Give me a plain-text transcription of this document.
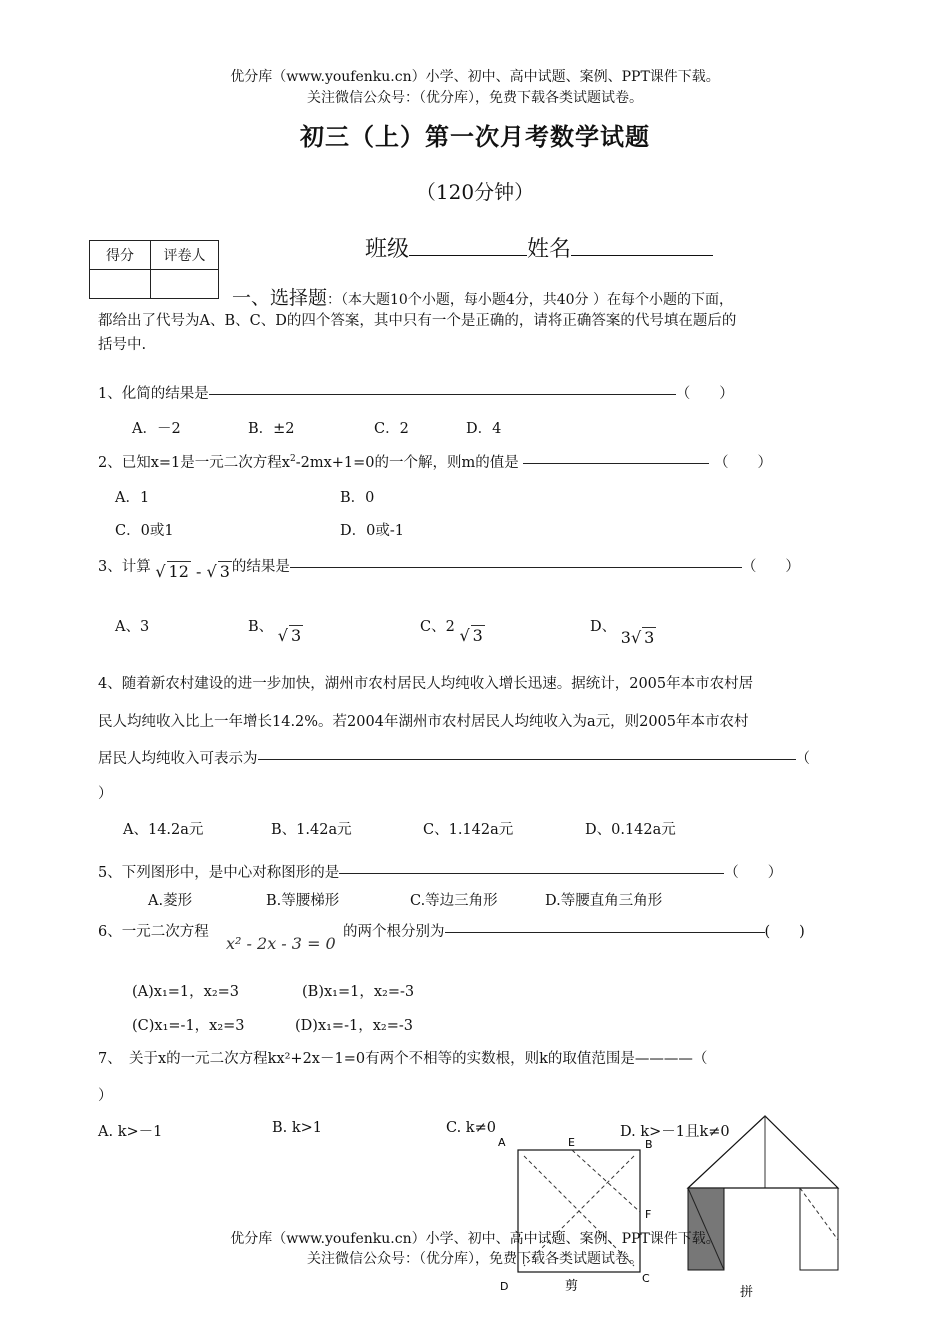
优分库（www.youfenku.cn）小学、初中、高中试题、案例、PPT课件下载。
关注微信公众号：（优分库），免费下载各类试题试卷。
初三（上）第一次月考数学试题
（120分钟）
得分	评卷人
		班级	姓名
一、选择题：（本大题10个小题，每小题4分，共40分 ）在每个小题的下面，
都给出了代号为A、B、C、D的四个答案，其中只有一个是正确的，请将正确答案的代号填在题后的
括号中.
1、化简的结果是	（　　）
A．－2	B．±2	C．2	D．4
2、已知x=1是一元二次方程$x^2-2mx+1=0$的一个解，则m的值是	（　　）
A．1	B．0
C．0或1	D．0或-1
3、计算 √ 12 - √ 3 的结果是	（　　）
A、3	B、 √ 3	C、2 √ 3	D、 3√ 3
4、随着新农村建设的进一步加快，湖州市农村居民人均纯收入增长迅速。据统计，2005年本市农村居
民人均纯收入比上一年增长14.2%。若2004年湖州市农村居民人均纯收入为a元，则2005年本市农村
居民人均纯收入可表示为	（
）
A、14.2a元	B、1.42a元	C、1.142a元	D、0.142a元
5、下列图形中，是中心对称图形的是	（　　）
A.菱形	B.等腰梯形	C.等边三角形	D.等腰直角三角形
6、一元二次方程
x² - 2x - 3 = 0
的两个根分别为	(　　)
(A)x₁=1，x₂=3	(B)x₁=1，x₂=-3
(C)x₁=-1，x₂=3	(D)x₁=-1，x₂=-3
7、　关于x的一元二次方程kx²+2x－1=0有两个不相等的实数根，则k的取值范围是————（
）
A. k>－1	B. k>1	C. k≠0	D. k>－1且k≠0
A	E	B
F
C
D	剪	拼
优分库（www.youfenku.cn）小学、初中、高中试题、案例、PPT课件下载。
关注微信公众号：（优分库），免费下载各类试题试卷。
